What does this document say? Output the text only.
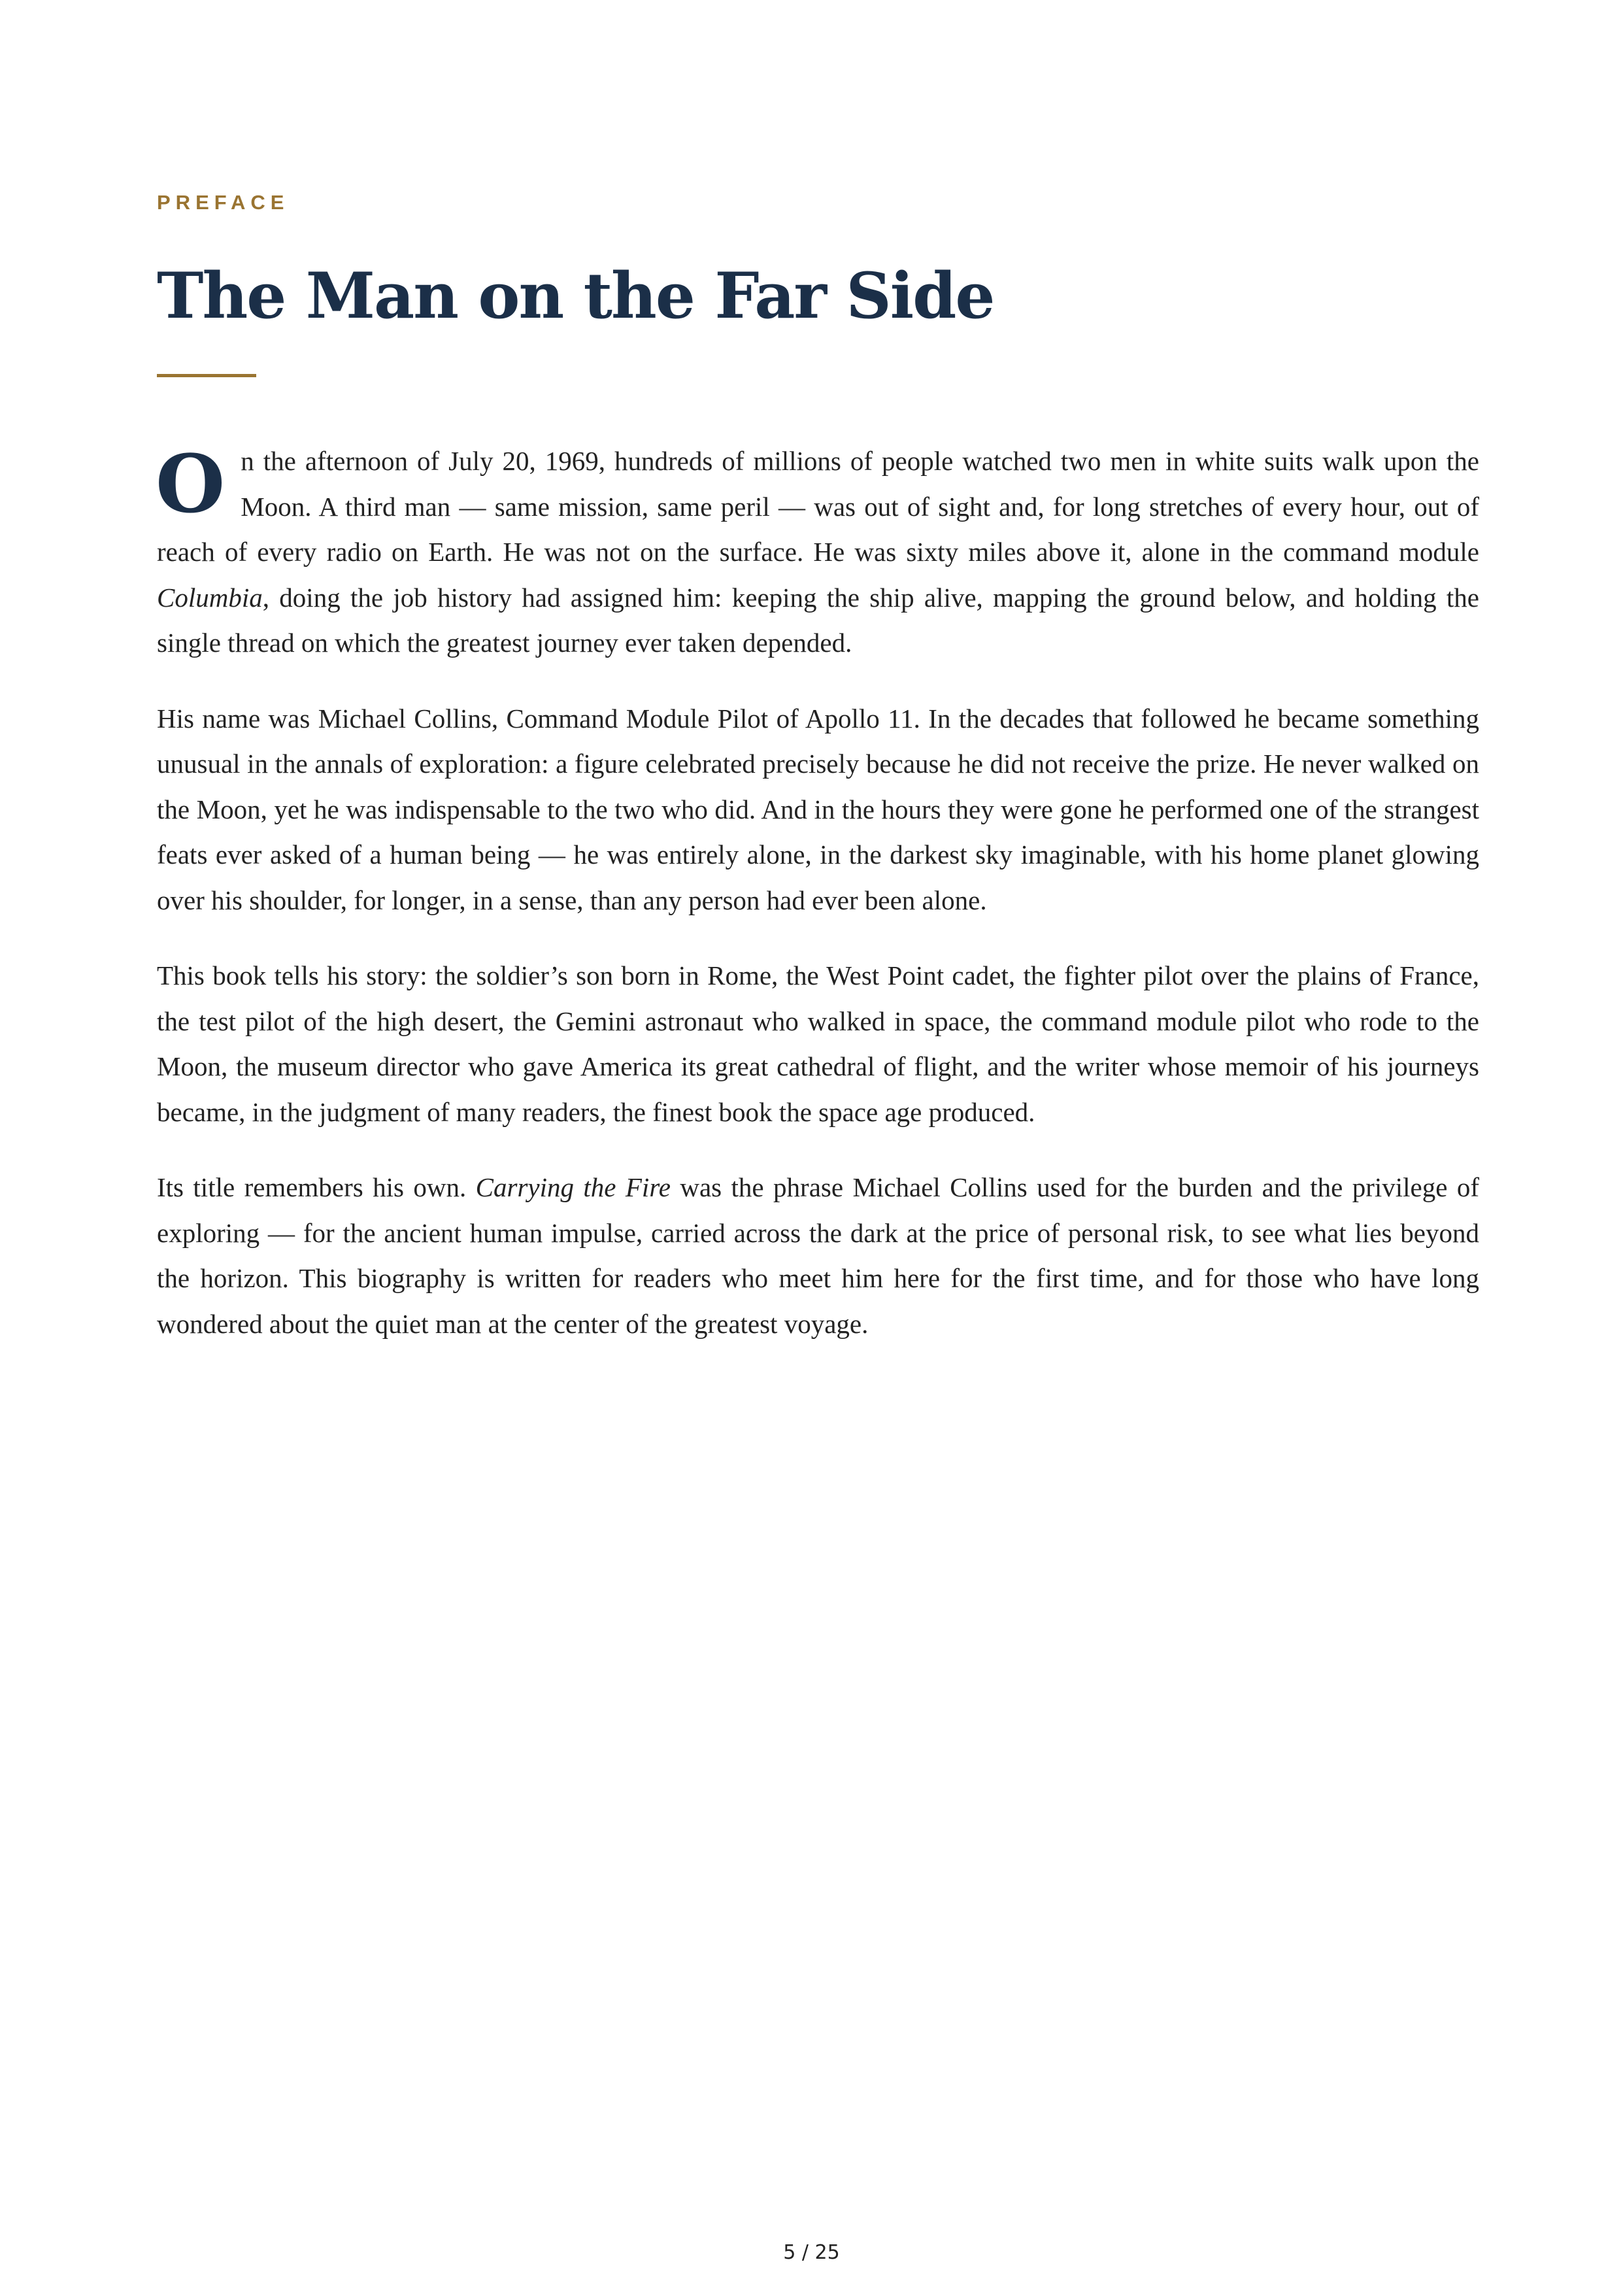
PREFACE
The Man on the Far Side

On the afternoon of July 20, 1969, hundreds of millions of people watched two men in white suits walk upon the Moon. A third man — same mission, same peril — was out of sight and, for long stretches of every hour, out of reach of every radio on Earth. He was not on the surface. He was sixty miles above it, alone in the command module Columbia, doing the job history had assigned him: keeping the ship alive, mapping the ground below, and holding the single thread on which the greatest journey ever taken depended.

His name was Michael Collins, Command Module Pilot of Apollo 11. In the decades that followed he became something unusual in the annals of exploration: a figure celebrated precisely because he did not receive the prize. He never walked on the Moon, yet he was indispensable to the two who did. And in the hours they were gone he performed one of the strangest feats ever asked of a human being — he was entirely alone, in the darkest sky imaginable, with his home planet glowing over his shoulder, for longer, in a sense, than any person had ever been alone.

This book tells his story: the soldier’s son born in Rome, the West Point cadet, the fighter pilot over the plains of France, the test pilot of the high desert, the Gemini astronaut who walked in space, the command module pilot who rode to the Moon, the museum director who gave America its great cathedral of flight, and the writer whose memoir of his journeys became, in the judgment of many readers, the finest book the space age produced.

Its title remembers his own. Carrying the Fire was the phrase Michael Collins used for the burden and the privilege of exploring — for the ancient human impulse, carried across the dark at the price of personal risk, to see what lies beyond the horizon. This biography is written for readers who meet him here for the first time, and for those who have long wondered about the quiet man at the center of the greatest voyage.

5 / 25
